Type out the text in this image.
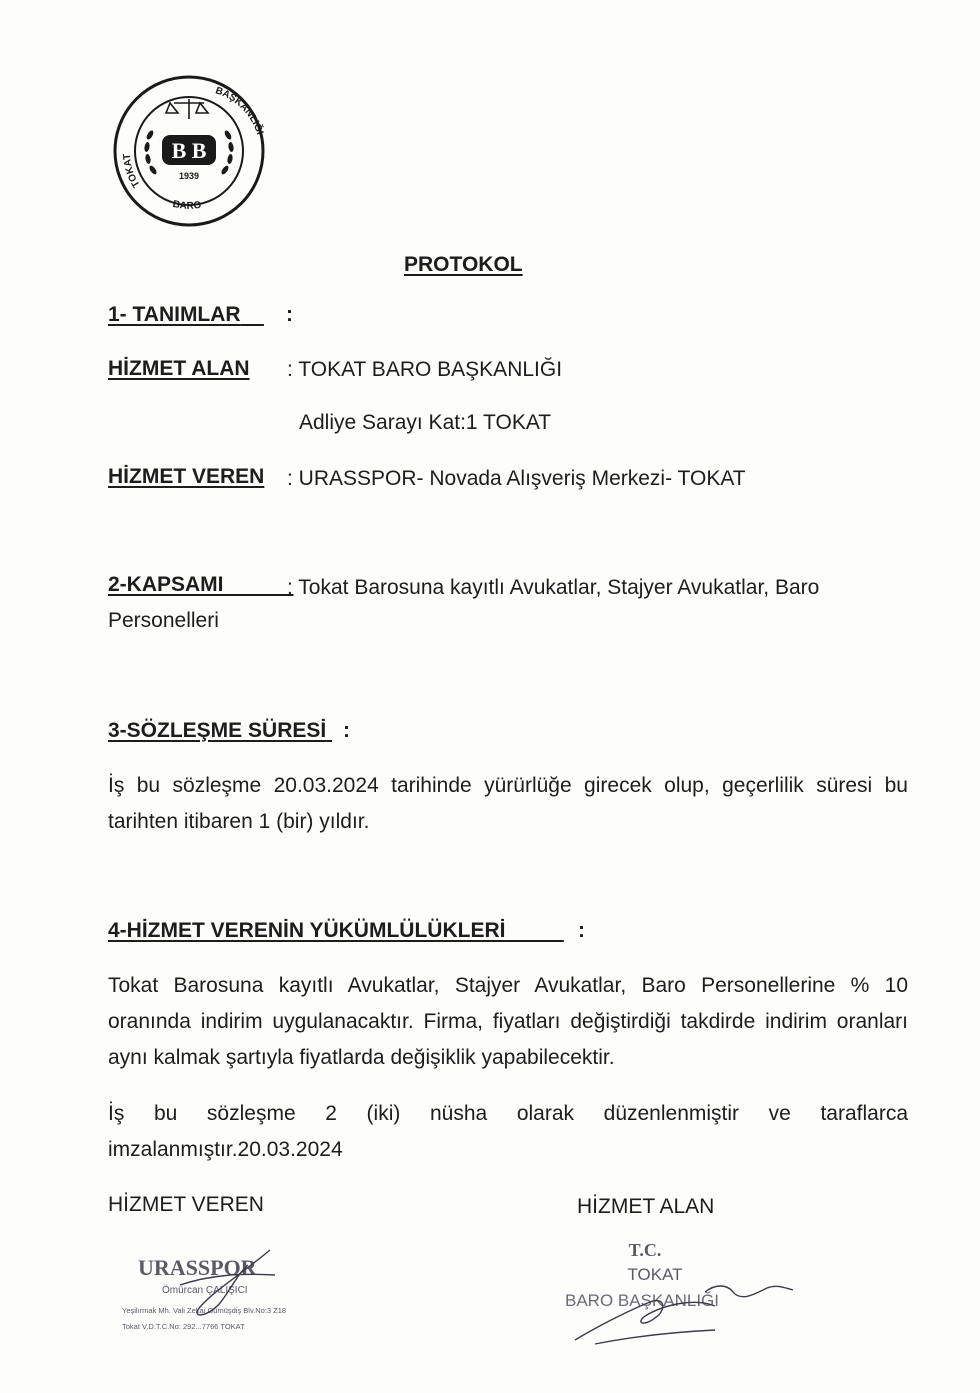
TOKAT
BARO
BAŞKANLIĞI
B B
1939
PROTOKOL
1- TANIMLAR	:
HİZMET ALAN : TOKAT BARO BAŞKANLIĞI
Adliye Sarayı Kat:1 TOKAT
HİZMET VEREN : URASSPOR- Novada Alışveriş Merkezi- TOKAT
2-KAPSAMI	: Tokat Barosuna kayıtlı Avukatlar, Stajyer Avukatlar, Baro
Personelleri
3-SÖZLEŞME SÜRESİ :
İş bu sözleşme 20.03.2024 tarihinde yürürlüğe girecek olup, geçerlilik süresi bu tarihten itibaren 1 (bir) yıldır.
4-HİZMET VERENİN YÜKÜMLÜLÜKLERİ	:
Tokat Barosuna kayıtlı Avukatlar, Stajyer Avukatlar, Baro Personellerine % 10 oranında indirim uygulanacaktır. Firma, fiyatları değiştirdiği takdirde indirim oranları aynı kalmak şartıyla fiyatlarda değişiklik yapabilecektir.
İş bu sözleşme 2 (iki) nüsha olarak düzenlenmiştir ve taraflarca imzalanmıştır.20.03.2024
HİZMET VEREN	HİZMET ALAN
URASSPOR
Ömürcan ÇALIŞICI
Yeşilırmak Mh. Vali Zekai Gümüşdiş Blv.No:3 Z18
Tokat V.D.T.C.No: 292...7766 TOKAT
T.C.
TOKAT
BARO BAŞKANLIĞI
